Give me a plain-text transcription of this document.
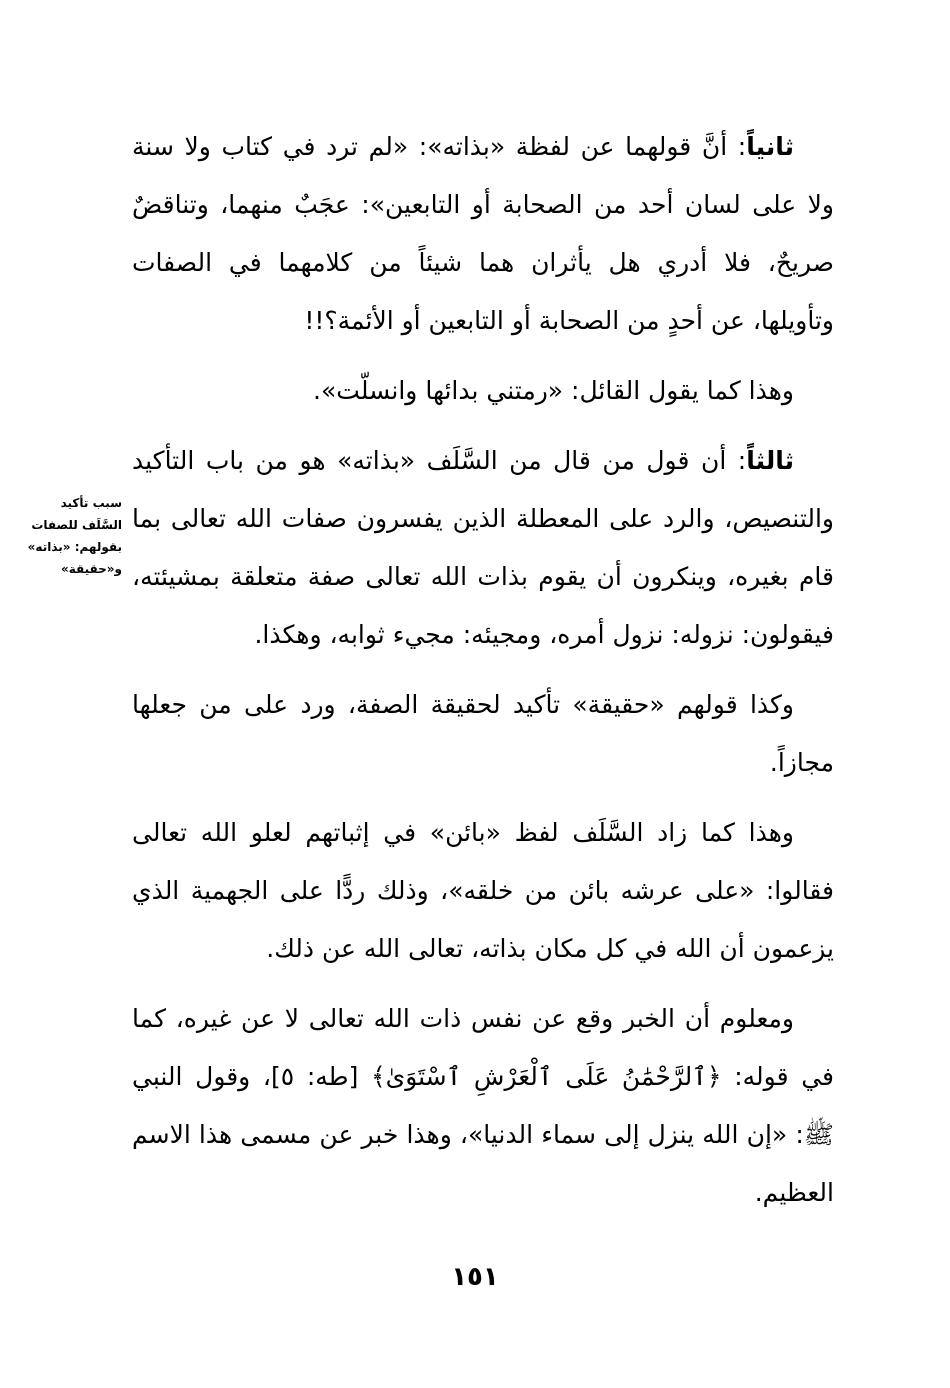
سبب تأكيد السَّلَف للصفات بقولهم: «بذاته» و«حقيقة»

ثانياً: أنَّ قولهما عن لفظة «بذاته»: «لم ترد في كتاب ولا سنة ولا على لسان أحد من الصحابة أو التابعين»: عجَبٌ منهما، وتناقضٌ صريحٌ، فلا أدري هل يأثران هما شيئاً من كلامهما في الصفات وتأويلها، عن أحدٍ من الصحابة أو التابعين أو الأئمة؟!!

وهذا كما يقول القائل: «رمتني بدائها وانسلّت».

ثالثاً: أن قول من قال من السَّلَف «بذاته» هو من باب التأكيد والتنصيص، والرد على المعطلة الذين يفسرون صفات الله تعالى بما قام بغيره، وينكرون أن يقوم بذات الله تعالى صفة متعلقة بمشيئته، فيقولون: نزوله: نزول أمره، ومجيئه: مجيء ثوابه، وهكذا.

وكذا قولهم «حقيقة» تأكيد لحقيقة الصفة، ورد على من جعلها مجازاً.

وهذا كما زاد السَّلَف لفظ «بائن» في إثباتهم لعلو الله تعالى فقالوا: «على عرشه بائن من خلقه»، وذلك ردًّا على الجهمية الذي يزعمون أن الله في كل مكان بذاته، تعالى الله عن ذلك.

ومعلوم أن الخبر وقع عن نفس ذات الله تعالى لا عن غيره، كما في قوله: ﴿ٱلرَّحْمَٰنُ عَلَى ٱلْعَرْشِ ٱسْتَوَىٰ﴾ [طه: ٥]، وقول النبي ﷺ: «إن الله ينزل إلى سماء الدنيا»، وهذا خبر عن مسمى هذا الاسم العظيم.

١٥١
